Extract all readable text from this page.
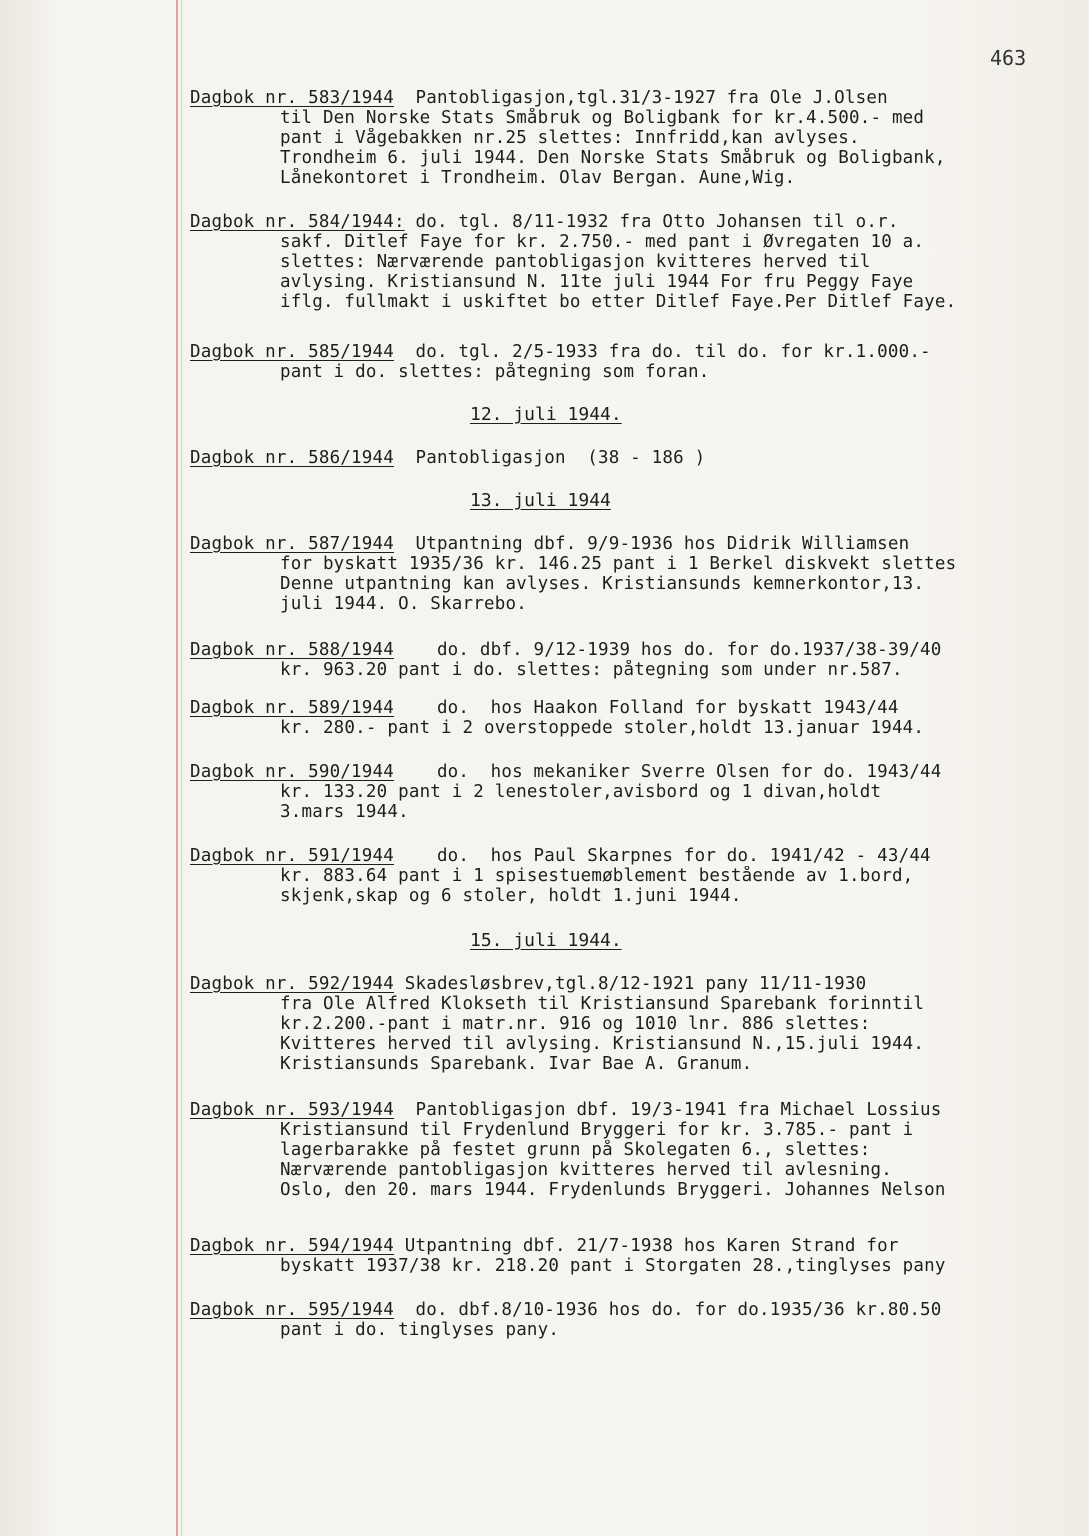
463
Dagbok nr. 583/1944 Pantobligasjon,tgl.31/3-1927 fra Ole J.Olsen
til Den Norske Stats Småbruk og Boligbank for kr.4.500.- med
pant i Vågebakken nr.25 slettes: Innfridd,kan avlyses.
Trondheim 6. juli 1944. Den Norske Stats Småbruk og Boligbank,
Lånekontoret i Trondheim. Olav Bergan. Aune,Wig.
Dagbok nr. 584/1944: do. tgl. 8/11-1932 fra Otto Johansen til o.r.
sakf. Ditlef Faye for kr. 2.750.- med pant i Øvregaten 10 a.
slettes: Nærværende pantobligasjon kvitteres herved til
avlysing. Kristiansund N. 11te juli 1944 For fru Peggy Faye
iflg. fullmakt i uskiftet bo etter Ditlef Faye.Per Ditlef Faye.
Dagbok nr. 585/1944 do. tgl. 2/5-1933 fra do. til do. for kr.1.000.-
pant i do. slettes: påtegning som foran.
12. juli 1944.
Dagbok nr. 586/1944 Pantobligasjon  (38 - 186 )
13. juli 1944
Dagbok nr. 587/1944 Utpantning dbf. 9/9-1936 hos Didrik Williamsen
for byskatt 1935/36 kr. 146.25 pant i 1 Berkel diskvekt slettes
Denne utpantning kan avlyses. Kristiansunds kemnerkontor,13.
juli 1944. O. Skarrebo.
Dagbok nr. 588/1944    do. dbf. 9/12-1939 hos do. for do.1937/38-39/40
kr. 963.20 pant i do. slettes: påtegning som under nr.587.
Dagbok nr. 589/1944    do.  hos Haakon Folland for byskatt 1943/44
kr. 280.- pant i 2 overstoppede stoler,holdt 13.januar 1944.
Dagbok nr. 590/1944    do.  hos mekaniker Sverre Olsen for do. 1943/44
kr. 133.20 pant i 2 lenestoler,avisbord og 1 divan,holdt
3.mars 1944.
Dagbok nr. 591/1944    do.  hos Paul Skarpnes for do. 1941/42 - 43/44
kr. 883.64 pant i 1 spisestuemøblement bestående av 1.bord,
skjenk,skap og 6 stoler, holdt 1.juni 1944.
15. juli 1944.
Dagbok nr. 592/1944 Skadesløsbrev,tgl.8/12-1921 pany 11/11-1930
fra Ole Alfred Klokseth til Kristiansund Sparebank forinntil
kr.2.200.-pant i matr.nr. 916 og 1010 lnr. 886 slettes:
Kvitteres herved til avlysing. Kristiansund N.,15.juli 1944.
Kristiansunds Sparebank. Ivar Bae A. Granum.
Dagbok nr. 593/1944 Pantobligasjon dbf. 19/3-1941 fra Michael Lossius
Kristiansund til Frydenlund Bryggeri for kr. 3.785.- pant i
lagerbarakke på festet grunn på Skolegaten 6., slettes:
Nærværende pantobligasjon kvitteres herved til avlesning.
Oslo, den 20. mars 1944. Frydenlunds Bryggeri. Johannes Nelson
Dagbok nr. 594/1944 Utpantning dbf. 21/7-1938 hos Karen Strand for
byskatt 1937/38 kr. 218.20 pant i Storgaten 28.,tinglyses pany
Dagbok nr. 595/1944 do. dbf.8/10-1936 hos do. for do.1935/36 kr.80.50
pant i do. tinglyses pany.
